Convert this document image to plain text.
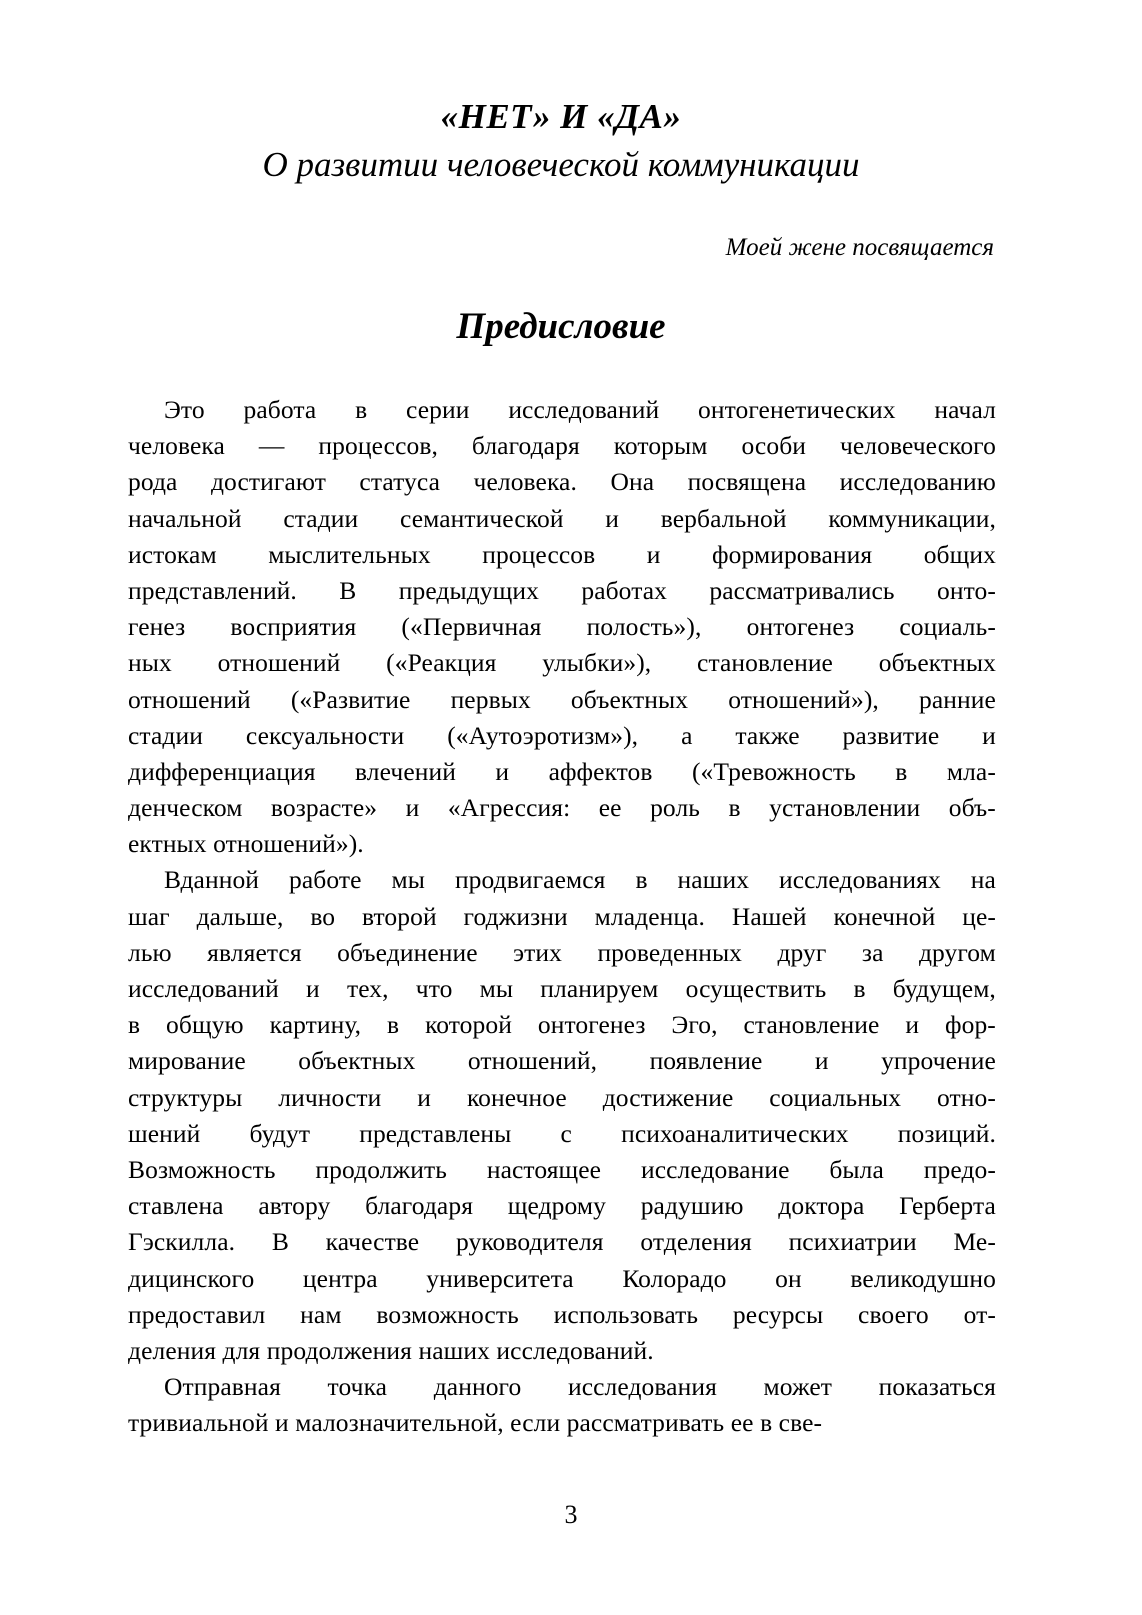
«НЕТ» И «ДА»
О развитии человеческой коммуникации
Моей жене посвящается
Предисловие

Это работа в серии исследований онтогенетических начал
человека — процессов, благодаря которым особи человеческого
рода достигают статуса человека. Она посвящена исследованию
начальной стадии семантической и вербальной коммуникации,
истокам мыслительных процессов и формирования общих
представлений. В предыдущих работах рассматривались онто-
генез восприятия («Первичная полость»), онтогенез социаль-
ных отношений («Реакция улыбки»), становление объектных
отношений («Развитие первых объектных отношений»), ранние
стадии сексуальности («Аутоэротизм»), а также развитие и
дифференциация влечений и аффектов («Тревожность в мла-
денческом возрасте» и «Агрессия: ее роль в установлении объ-
ектных отношений»).

Вданной работе мы продвигаемся в наших исследованиях на
шаг дальше, во второй годжизни младенца. Нашей конечной це-
лью является объединение этих проведенных друг за другом
исследований и тех, что мы планируем осуществить в будущем,
в общую картину, в которой онтогенез Эго, становление и фор-
мирование объектных отношений, появление и упрочение
структуры личности и конечное достижение социальных отно-
шений будут представлены с психоаналитических позиций.
Возможность продолжить настоящее исследование была предо-
ставлена автору благодаря щедрому радушию доктора Герберта
Гэскилла. В качестве руководителя отделения психиатрии Ме-
дицинского центра университета Колорадо он великодушно
предоставил нам возможность использовать ресурсы своего от-
деления для продолжения наших исследований.

Отправная точка данного исследования может показаться
тривиальной и малозначительной, если рассматривать ее в све-

3
